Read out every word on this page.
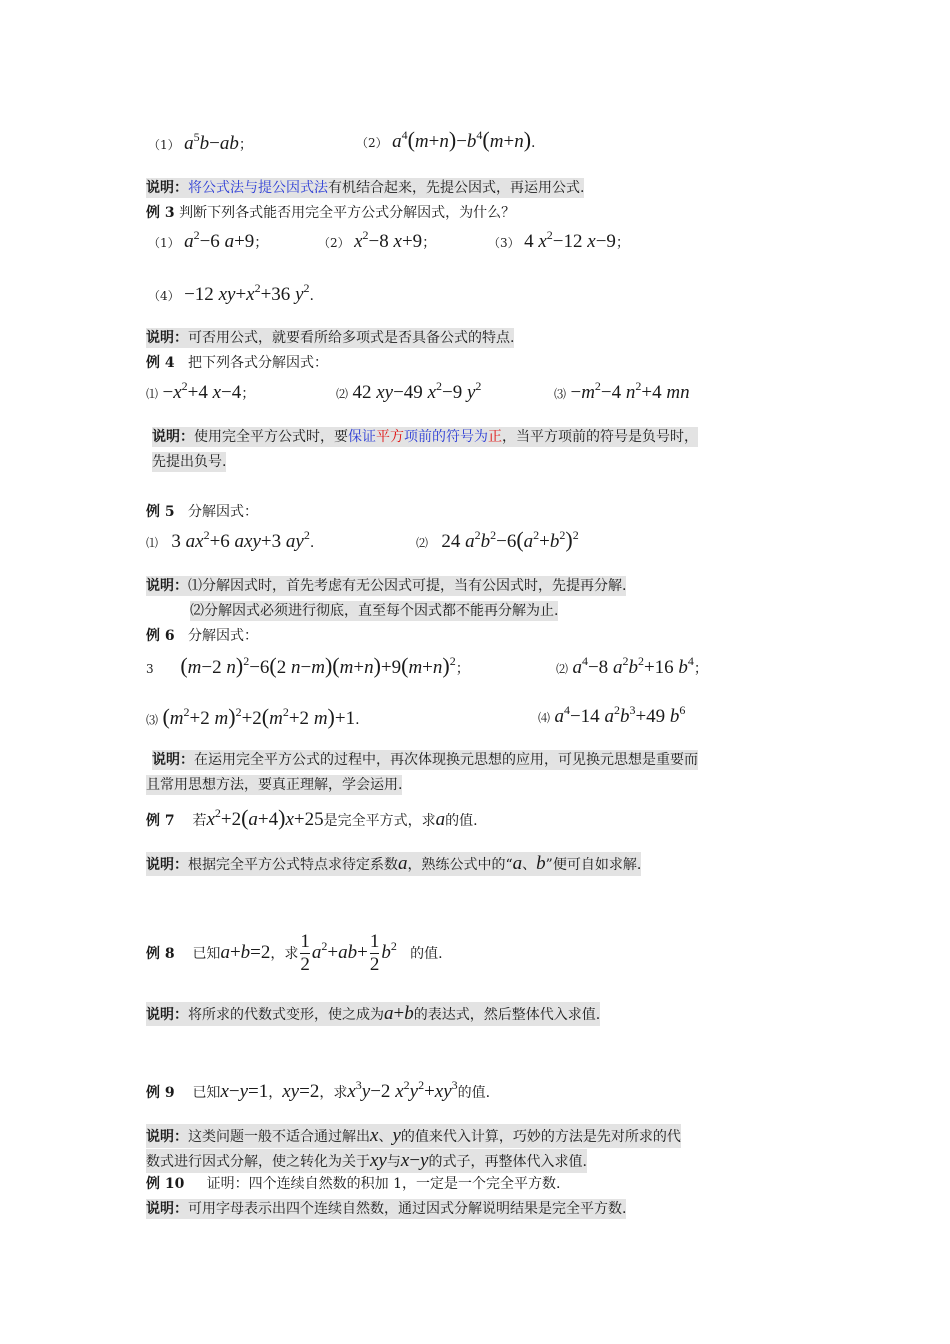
（1） $a^5b-ab$；	（2） $a^4(m+n)-b^4(m+n)$.
说明：将公式法与提公因式法有机结合起来，先提公因式，再运用公式.
例 3 判断下列各式能否用完全平方公式分解因式，为什么？
（1） $a^2-6$ a+9；	（2） $x^2-8$ x+9；	（3） 4 $x^2-12$ x−9；
（4） −12 $xy+x^2+36$ $y^2$.
说明：可否用公式，就要看所给多项式是否具备公式的特点.
例 4 把下列各式分解因式：
⑴ $-x^2+4$ x−4；	⑵ 42 xy−49 $x^2-9$ $y^2$
⑶ $-m^2-4$ $n^2+4$ mn
说明：使用完全平方公式时，要保证平方项前的符号为正，当平方项前的符号是负号时，
先提出负号.
例 5 分解因式：
⑴ 3 $ax^2+6$ axy+3 $ay^2$.	⑵ 24 $a^2b^2-6(a^2+b^2)^2$
说明：⑴分解因式时，首先考虑有无公因式可提，当有公因式时，先提再分解.
⑵分解因式必须进行彻底，直至每个因式都不能再分解为止.
例 6 分解因式：
3 (m−2 n)$^2$−6(2 $n-m)(m+n)+9(m+n)^2$；	⑵ $a^4-8$ $a^2b^2+16$ $b^4$；
⑶ ($m^2+2$ $m)^2+2(m^2+2$ m)+1.	⑷ $a^4-14$ $a^2b^3+49$ $b^6$
说明：在运用完全平方公式的过程中，再次体现换元思想的应用，可见换元思想是重要而
且常用思想方法，要真正理解，学会运用.
例 7 若$x^2+2(a+4)x+25$是完全平方式，求a的值.
说明：根据完全平方公式特点求待定系数a，熟练公式中的“a、b”便可自如求解.
例 8 已知a+b=2，求 $\frac{1}{2} a^2+ab+ \frac{1}{2} b^2$ 的值.
说明：将所求的代数式变形，使之成为a+b的表达式，然后整体代入求值.
例 9 已知x−y=1，xy=2，求$x^3y-2$ $x^2y^2+xy^3$的值.
说明：这类问题一般不适合通过解出x、y的值来代入计算，巧妙的方法是先对所求的代
数式进行因式分解，使之转化为关于xy与x−y的式子，再整体代入求值.
例 10 证明：四个连续自然数的积加 1，一定是一个完全平方数.
说明：可用字母表示出四个连续自然数，通过因式分解说明结果是完全平方数.
